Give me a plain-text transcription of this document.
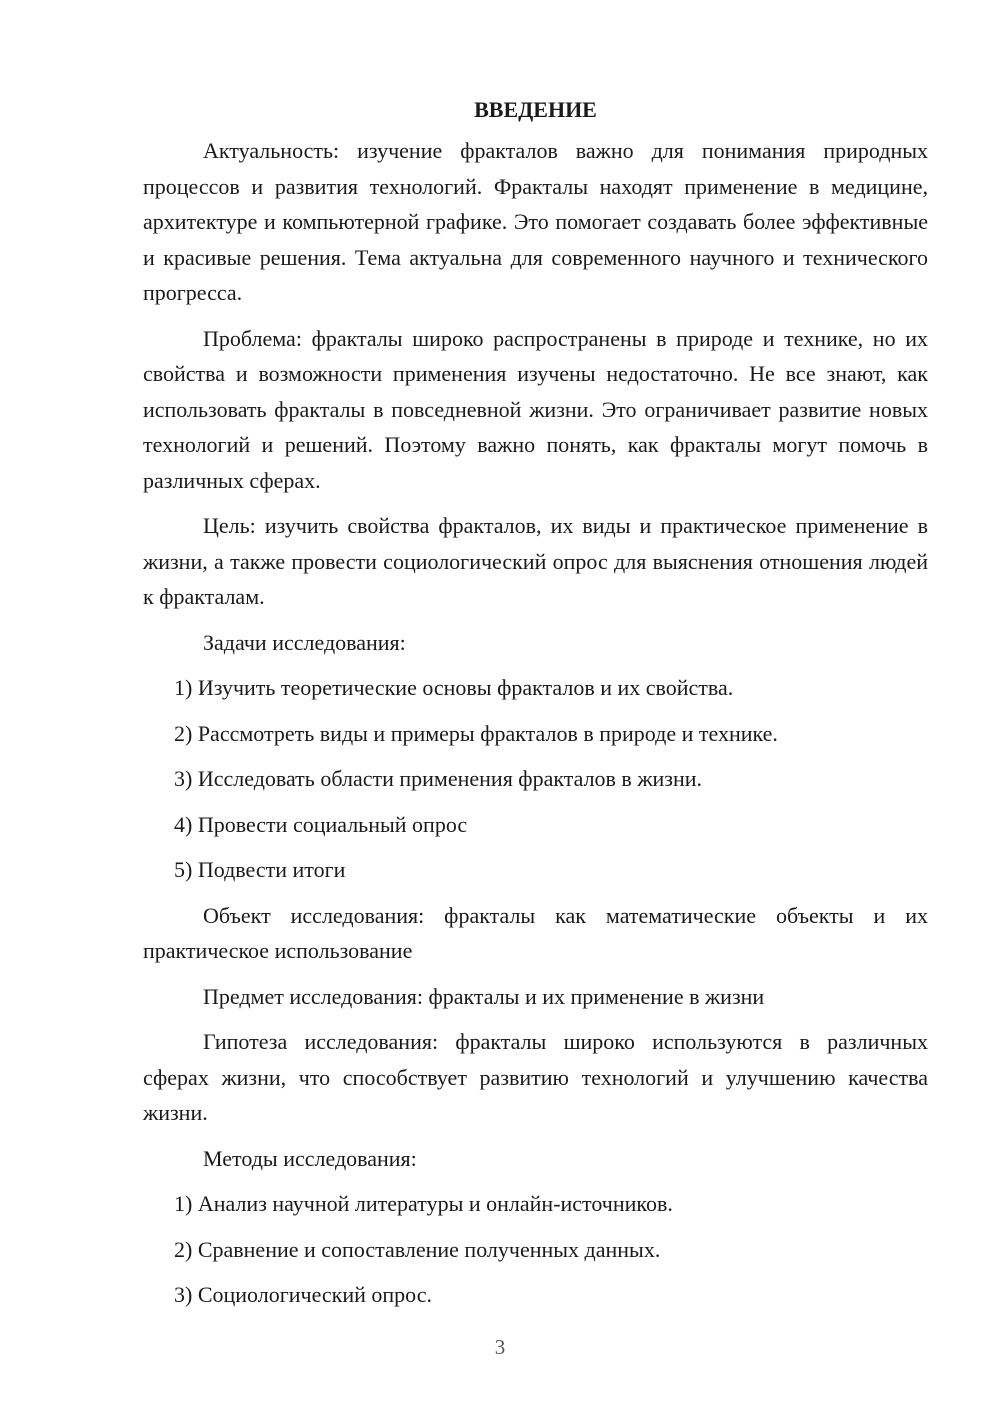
ВВЕДЕНИЕ

Актуальность: изучение фракталов важно для понимания природных процессов и развития технологий. Фракталы находят применение в медицине, архитектуре и компьютерной графике. Это помогает создавать более эффективные и красивые решения. Тема актуальна для современного научного и технического прогресса.

Проблема: фракталы широко распространены в природе и технике, но их свойства и возможности применения изучены недостаточно. Не все знают, как использовать фракталы в повседневной жизни. Это ограничивает развитие новых технологий и решений. Поэтому важно понять, как фракталы могут помочь в различных сферах.

Цель: изучить свойства фракталов, их виды и практическое применение в жизни, а также провести социологический опрос для выяснения отношения людей к фракталам.

Задачи исследования:

1) Изучить теоретические основы фракталов и их свойства.
2) Рассмотреть виды и примеры фракталов в природе и технике.
3) Исследовать области применения фракталов в жизни.
4) Провести социальный опрос
5) Подвести итоги

Объект исследования: фракталы как математические объекты и их практическое использование

Предмет исследования: фракталы и их применение в жизни

Гипотеза исследования: фракталы широко используются в различных сферах жизни, что способствует развитию технологий и улучшению качества жизни.

Методы исследования:

1) Анализ научной литературы и онлайн-источников.
2) Сравнение и сопоставление полученных данных.
3) Социологический опрос.
3
